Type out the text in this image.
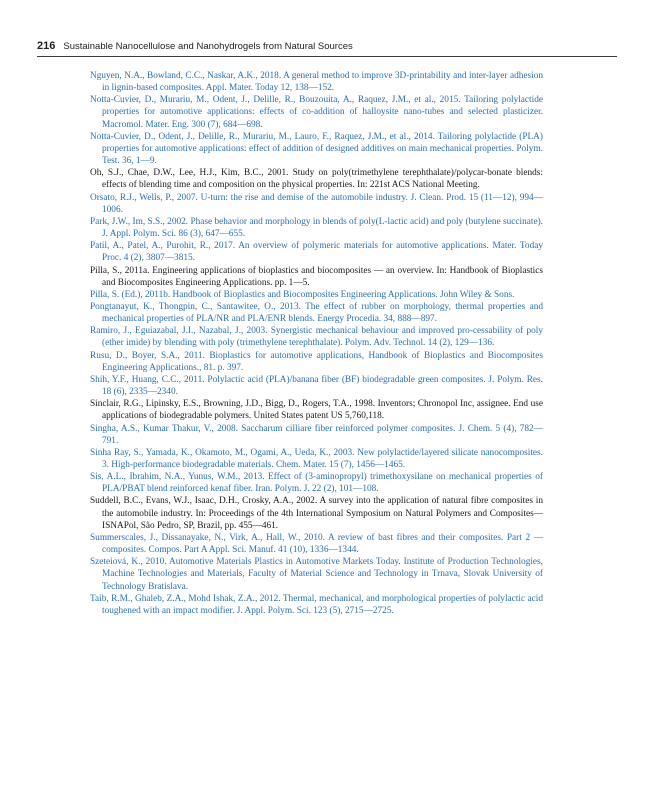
216 Sustainable Nanocellulose and Nanohydrogels from Natural Sources

Nguyen, N.A., Bowland, C.C., Naskar, A.K., 2018. A general method to improve 3D-printability and inter-layer adhesion in lignin-based composites. Appl. Mater. Today 12, 138—152.

Notta-Cuvier, D., Murariu, M., Odent, J., Delille, R., Bouzouita, A., Raquez, J.M., et al., 2015. Tailoring polylactide properties for automotive applications: effects of co-addition of halloysite nano-tubes and selected plasticizer. Macromol. Mater. Eng. 300 (7), 684—698.

Notta-Cuvier, D., Odent, J., Delille, R., Murariu, M., Lauro, F., Raquez, J.M., et al., 2014. Tailoring polylactide (PLA) properties for automotive applications: effect of addition of designed additives on main mechanical properties. Polym. Test. 36, 1—9.

Oh, S.J., Chae, D.W., Lee, H.J., Kim, B.C., 2001. Study on poly(trimethylene terephthalate)/polycar-bonate blends: effects of blending time and composition on the physical properties. In: 221st ACS National Meeting.

Orsato, R.J., Wells, P., 2007. U-turn: the rise and demise of the automobile industry. J. Clean. Prod. 15 (11—12), 994—1006.

Park, J.W., Im, S.S., 2002. Phase behavior and morphology in blends of poly(L-lactic acid) and poly (butylene succinate). J. Appl. Polym. Sci. 86 (3), 647—655.

Patil, A., Patel, A., Purohit, R., 2017. An overview of polymeric materials for automotive applications. Mater. Today Proc. 4 (2), 3807—3815.

Pilla, S., 2011a. Engineering applications of bioplastics and biocomposites — an overview. In: Handbook of Bioplastics and Biocomposites Engineering Applications. pp. 1—5.

Pilla, S. (Ed.), 2011b. Handbook of Bioplastics and Biocomposites Engineering Applications. John Wiley & Sons.

Pongtanayut, K., Thongpin, C., Santawitee, O., 2013. The effect of rubber on morphology, thermal properties and mechanical properties of PLA/NR and PLA/ENR blends. Energy Procedia. 34, 888—897.

Ramiro, J., Eguiazabal, J.I., Nazabal, J., 2003. Synergistic mechanical behaviour and improved pro-cessability of poly (ether imide) by blending with poly (trimethylene terephthalate). Polym. Adv. Technol. 14 (2), 129—136.

Rusu, D., Boyer, S.A., 2011. Bioplastics for automotive applications, Handbook of Bioplastics and Biocomposites Engineering Applications., 81. p. 397.

Shih, Y.F., Huang, C.C., 2011. Polylactic acid (PLA)/banana fiber (BF) biodegradable green composites. J. Polym. Res. 18 (6), 2335—2340.

Sinclair, R.G., Lipinsky, E.S., Browning, J.D., Bigg, D., Rogers, T.A., 1998. Inventors; Chronopol Inc, assignee. End use applications of biodegradable polymers. United States patent US 5,760,118.

Singha, A.S., Kumar Thakur, V., 2008. Saccharum cilliare fiber reinforced polymer composites. J. Chem. 5 (4), 782—791.

Sinha Ray, S., Yamada, K., Okamoto, M., Ogami, A., Ueda, K., 2003. New polylactide/layered silicate nanocomposites. 3. High-performance biodegradable materials. Chem. Mater. 15 (7), 1456—1465.

Sis, A.L., Ibrahim, N.A., Yunus, W.M., 2013. Effect of (3-aminopropyl) trimethoxysilane on mechanical properties of PLA/PBAT blend reinforced kenaf fiber. Iran. Polym. J. 22 (2), 101—108.

Suddell, B.C., Evans, W.J., Isaac, D.H., Crosky, A.A., 2002. A survey into the application of natural fibre composites in the automobile industry. In: Proceedings of the 4th International Symposium on Natural Polymers and Composites—ISNAPol, São Pedro, SP, Brazil, pp. 455—461.

Summerscales, J., Dissanayake, N., Virk, A., Hall, W., 2010. A review of bast fibres and their composites. Part 2 — composites. Compos. Part A Appl. Sci. Manuf. 41 (10), 1336—1344.

Szeteiová, K., 2010. Automotive Materials Plastics in Automotive Markets Today. Institute of Production Technologies, Machine Technologies and Materials, Faculty of Material Science and Technology in Trnava, Slovak University of Technology Bratislava.

Taib, R.M., Ghaleb, Z.A., Mohd Ishak, Z.A., 2012. Thermal, mechanical, and morphological properties of polylactic acid toughened with an impact modifier. J. Appl. Polym. Sci. 123 (5), 2715—2725.
